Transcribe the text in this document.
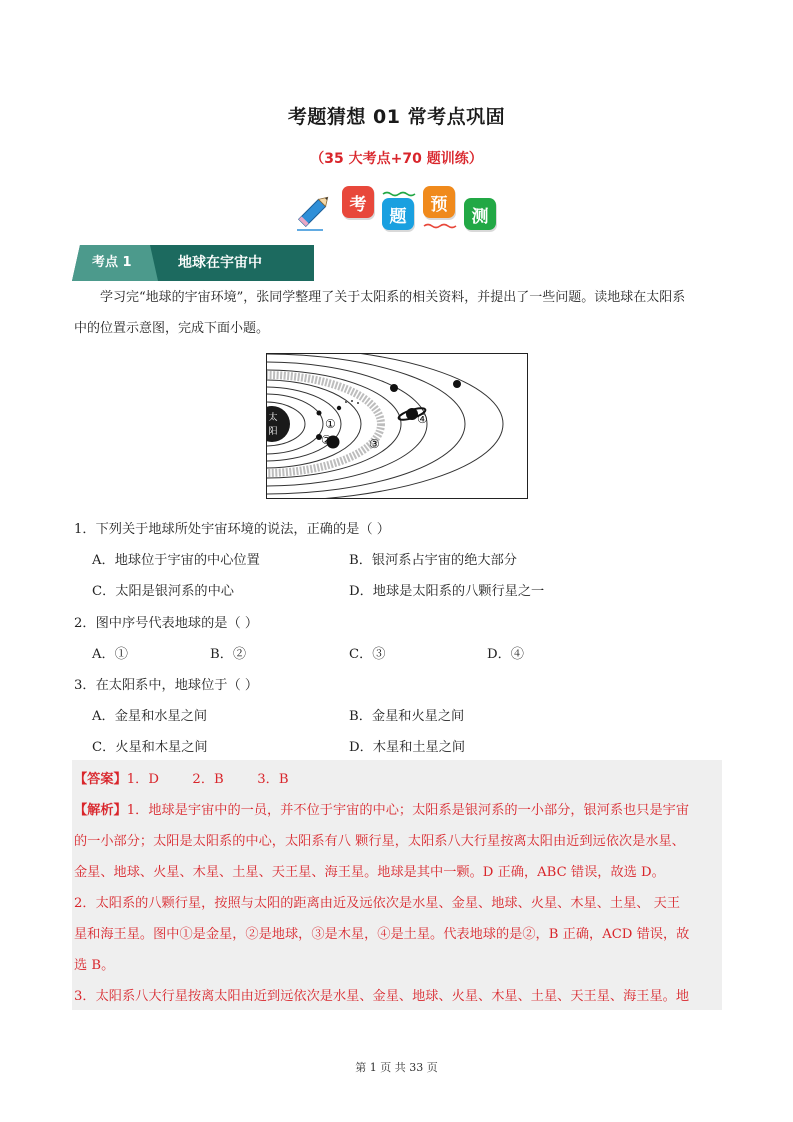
考题猜想 01 常考点巩固
（35 大考点+70 题训练）
考
题
预
测
考点 1	地球在宇宙中
学习完“地球的宇宙环境”，张同学整理了关于太阳系的相关资料，并提出了一些问题。读地球在太阳系
中的位置示意图，完成下面小题。
太
阳
①
②	③
④
1．下列关于地球所处宇宙环境的说法，正确的是（ ）
A．地球位于宇宙的中心位置	B．银河系占宇宙的绝大部分
C．太阳是银河系的中心	D．地球是太阳系的八颗行星之一
2．图中序号代表地球的是（ ）
A．①	B．②	C．③	D．④
3．在太阳系中，地球位于（ ）
A．金星和水星之间	B．金星和火星之间
C．火星和木星之间	D．木星和土星之间
【答案】1．D        2．B        3．B
【解析】1．地球是宇宙中的一员，并不位于宇宙的中心；太阳系是银河系的一小部分，银河系也只是宇宙
的一小部分；太阳是太阳系的中心，太阳系有八 颗行星，太阳系八大行星按离太阳由近到远依次是水星、
金星、地球、火星、木星、土星、天王星、海王星。地球是其中一颗。D 正确，ABC 错误，故选 D。
2．太阳系的八颗行星，按照与太阳的距离由近及远依次是水星、金星、地球、火星、木星、土星、 天王
星和海王星。图中①是金星，②是地球，③是木星，④是土星。代表地球的是②，B 正确，ACD 错误，故
选 B。
3．太阳系八大行星按离太阳由近到远依次是水星、金星、地球、火星、木星、土星、天王星、海王星。地
第 1 页 共 33 页
